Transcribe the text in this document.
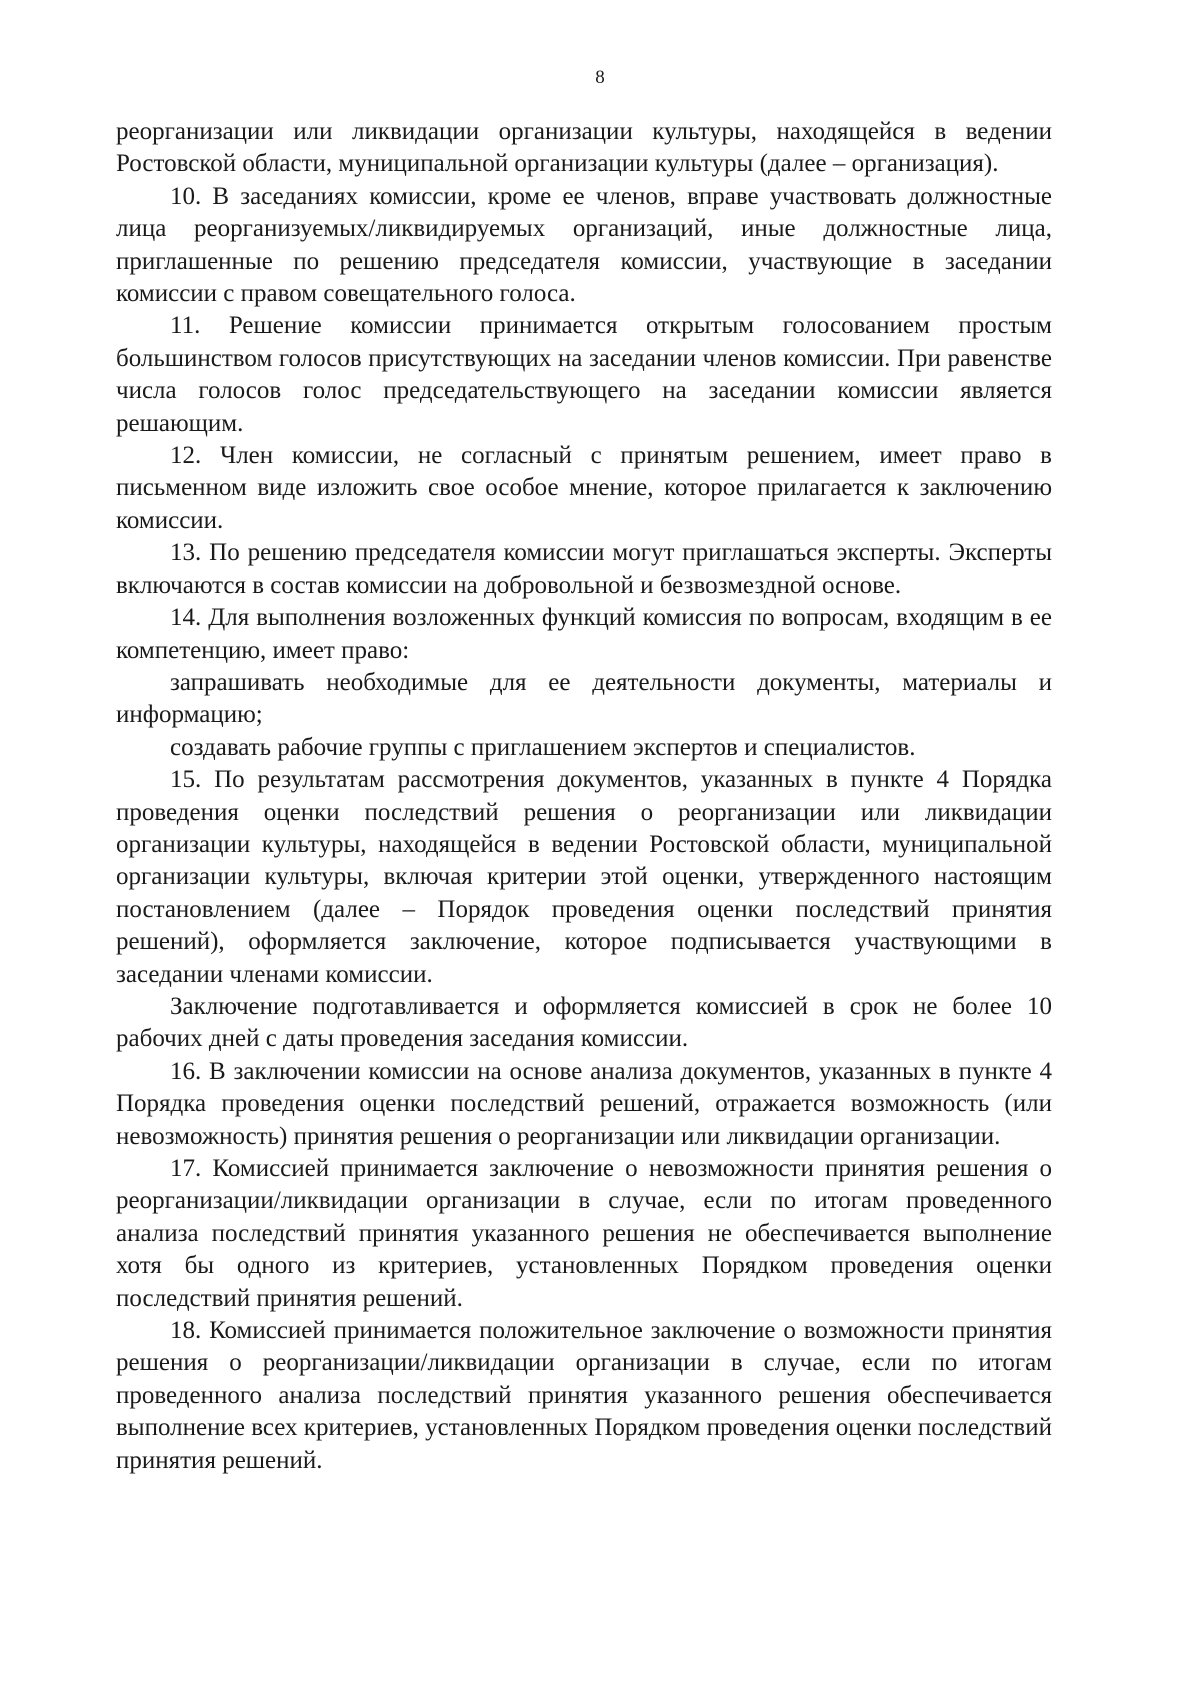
8

реорганизации или ликвидации организации культуры, находящейся в ведении Ростовской области, муниципальной организации культуры (далее – организация).

10. В заседаниях комиссии, кроме ее членов, вправе участвовать должностные лица реорганизуемых/ликвидируемых организаций, иные должностные лица, приглашенные по решению председателя комиссии, участвующие в заседании комиссии с правом совещательного голоса.

11. Решение комиссии принимается открытым голосованием простым большинством голосов присутствующих на заседании членов комиссии. При равенстве числа голосов голос председательствующего на заседании комиссии является решающим.

12. Член комиссии, не согласный с принятым решением, имеет право в письменном виде изложить свое особое мнение, которое прилагается к заключению комиссии.

13. По решению председателя комиссии могут приглашаться эксперты. Эксперты включаются в состав комиссии на добровольной и безвозмездной основе.

14. Для выполнения возложенных функций комиссия по вопросам, входящим в ее компетенцию, имеет право:

запрашивать необходимые для ее деятельности документы, материалы и информацию;

создавать рабочие группы с приглашением экспертов и специалистов.

15. По результатам рассмотрения документов, указанных в пункте 4 Порядка проведения оценки последствий решения о реорганизации или ликвидации организации культуры, находящейся в ведении Ростовской области, муниципальной организации культуры, включая критерии этой оценки, утвержденного настоящим постановлением (далее – Порядок проведения оценки последствий принятия решений), оформляется заключение, которое подписывается участвующими в заседании членами комиссии.

Заключение подготавливается и оформляется комиссией в срок не более 10 рабочих дней с даты проведения заседания комиссии.

16. В заключении комиссии на основе анализа документов, указанных в пункте 4 Порядка проведения оценки последствий решений, отражается возможность (или невозможность) принятия решения о реорганизации или ликвидации организации.

17. Комиссией принимается заключение о невозможности принятия решения о реорганизации/ликвидации организации в случае, если по итогам проведенного анализа последствий принятия указанного решения не обеспечивается выполнение хотя бы одного из критериев, установленных Порядком проведения оценки последствий принятия решений.

18. Комиссией принимается положительное заключение о возможности принятия решения о реорганизации/ликвидации организации в случае, если по итогам проведенного анализа последствий принятия указанного решения обеспечивается выполнение всех критериев, установленных Порядком проведения оценки последствий принятия решений.
